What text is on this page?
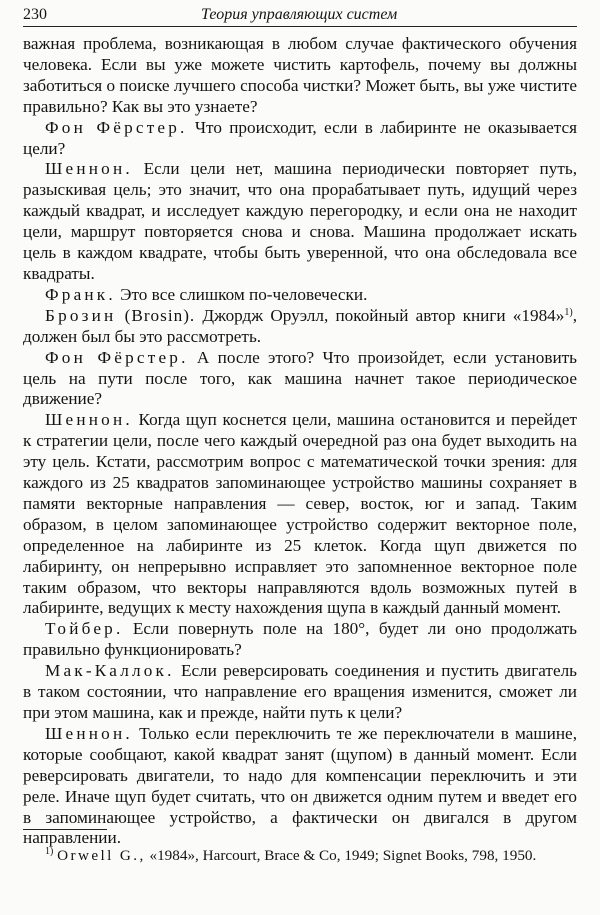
230	Теория управляющих систем

важная проблема, возникающая в любом случае фактического обучения человека. Если вы уже можете чистить картофель, почему вы должны заботиться о поиске лучшего способа чистки? Может быть, вы уже чистите правильно? Как вы это узнаете?

Фон Фёрстер. Что происходит, если в лабиринте не оказывается цели?

Шеннон. Если цели нет, машина периодически повторяет путь, разыскивая цель; это значит, что она прорабатывает путь, идущий через каждый квадрат, и исследует каждую перегородку, и если она не находит цели, маршрут повторяется снова и снова. Машина продолжает искать цель в каждом квадрате, чтобы быть уверенной, что она обследовала все квадраты.

Франк. Это все слишком по-человечески.

Брозин (Brosin). Джордж Оруэлл, покойный автор книги «1984»$^{1)}$, должен был бы это рассмотреть.

Фон Фёрстер. А после этого? Что произойдет, если установить цель на пути после того, как машина начнет такое периодическое движение?

Шеннон. Когда щуп коснется цели, машина остановится и перейдет к стратегии цели, после чего каждый очередной раз она будет выходить на эту цель. Кстати, рассмотрим вопрос с математической точки зрения: для каждого из 25 квадратов запоминающее устройство машины сохраняет в памяти векторные направления — север, восток, юг и запад. Таким образом, в целом запоминающее устройство содержит векторное поле, определенное на лабиринте из 25 клеток. Когда щуп движется по лабиринту, он непрерывно исправляет это запомненное векторное поле таким образом, что векторы направляются вдоль возможных путей в лабиринте, ведущих к месту нахождения щупа в каждый данный момент.

Тойбер. Если повернуть поле на 180°, будет ли оно продолжать правильно функционировать?

Мак-Каллок. Если реверсировать соединения и пустить двигатель в таком состоянии, что направление его вращения изменится, сможет ли при этом машина, как и прежде, найти путь к цели?

Шеннон. Только если переключить те же переключатели в машине, которые сообщают, какой квадрат занят (щупом) в данный момент. Если реверсировать двигатели, то надо для компенсации переключить и эти реле. Иначе щуп будет считать, что он движется одним путем и введет его в запоминающее устройство, а фактически он двигался в другом направлении.

$^{1)}$ Orwell G., «1984», Harcourt, Brace & Co, 1949; Signet Books, 798, 1950.
